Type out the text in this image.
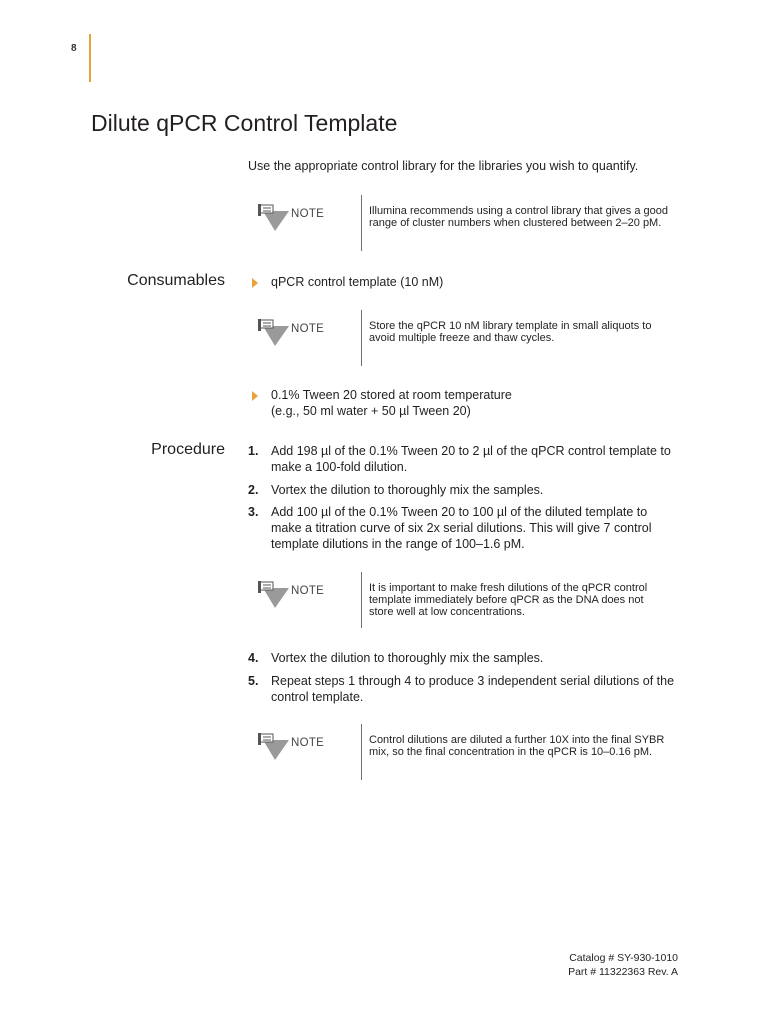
8
Dilute qPCR Control Template
Use the appropriate control library for the libraries you wish to quantify.
NOTE	Illumina recommends using a control library that gives a good range of cluster numbers when clustered between 2–20 pM.
Consumables	qPCR control template (10 nM)
NOTE	Store the qPCR 10 nM library template in small aliquots to avoid multiple freeze and thaw cycles.
0.1% Tween 20 stored at room temperature
(e.g., 50 ml water + 50 µl Tween 20)
Procedure 1. Add 198 µl of the 0.1% Tween 20 to 2 µl of the qPCR control template to make a 100-fold dilution.
2. Vortex the dilution to thoroughly mix the samples.
3. Add 100 µl of the 0.1% Tween 20 to 100 µl of the diluted template to make a titration curve of six 2x serial dilutions. This will give 7 control template dilutions in the range of 100–1.6 pM.
NOTE	It is important to make fresh dilutions of the qPCR control template immediately before qPCR as the DNA does not store well at low concentrations.
4. Vortex the dilution to thoroughly mix the samples.
5. Repeat steps 1 through 4 to produce 3 independent serial dilutions of the control template.
NOTE	Control dilutions are diluted a further 10X into the final SYBR mix, so the final concentration in the qPCR is 10–0.16 pM.
Catalog # SY-930-1010
Part # 11322363 Rev. A
